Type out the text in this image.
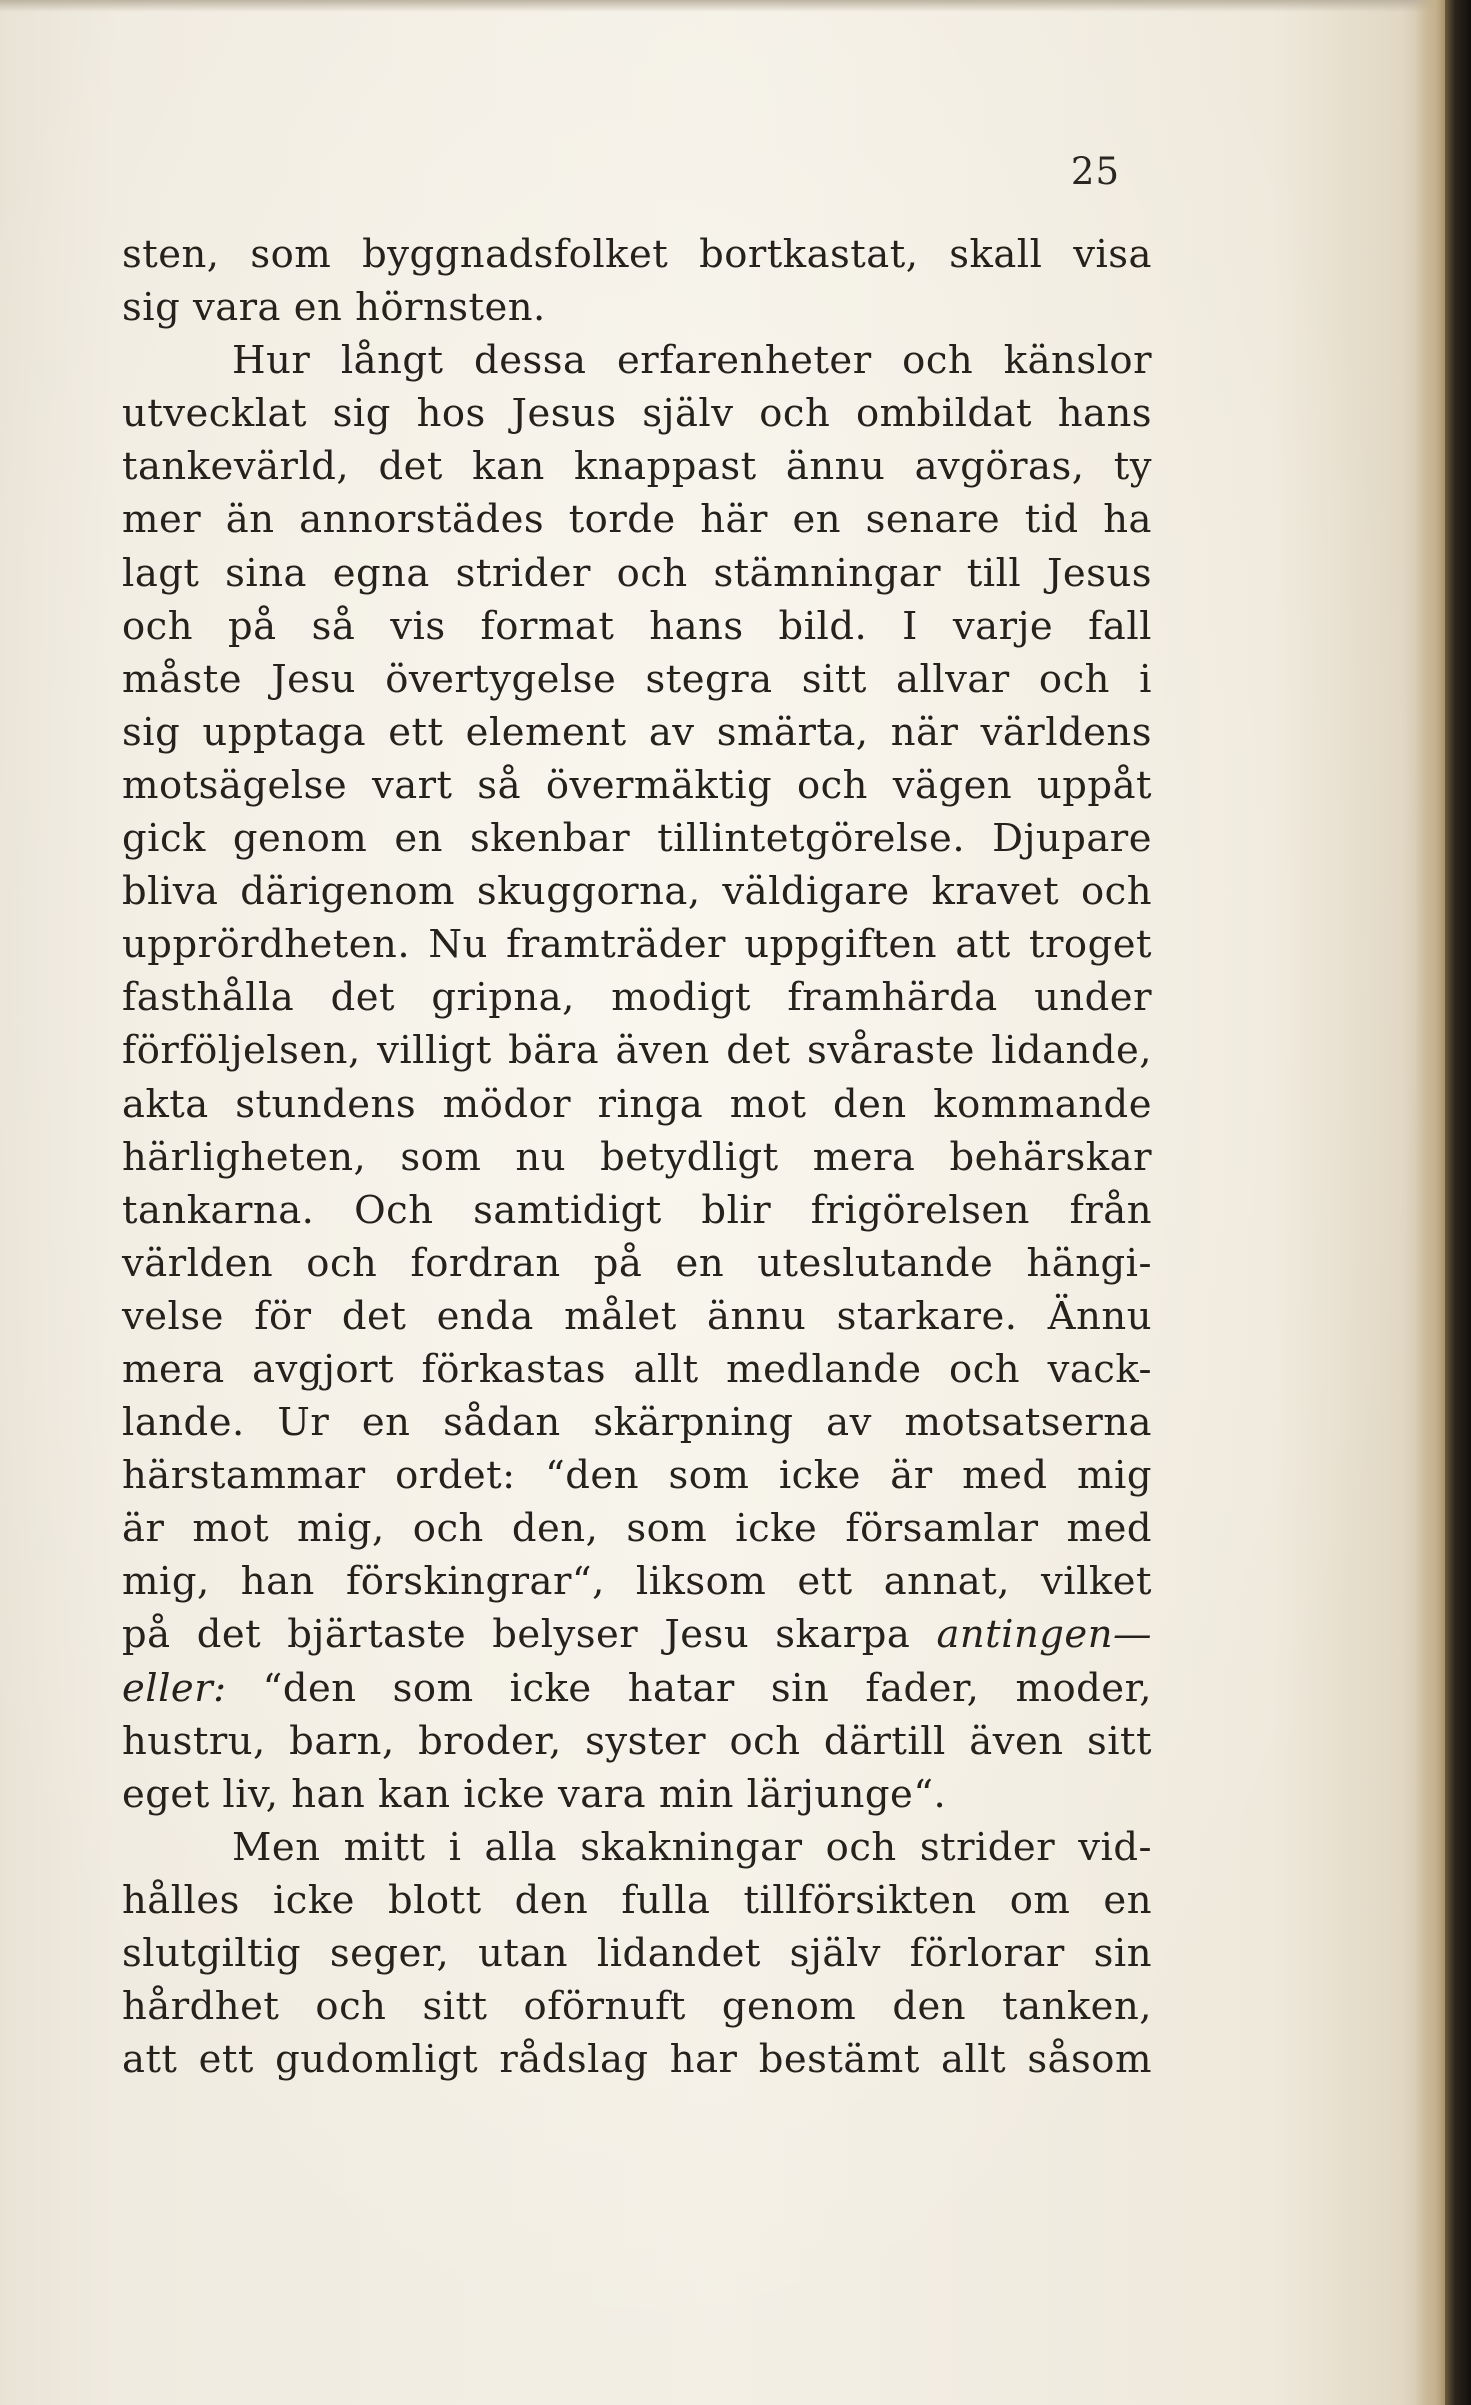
25
sten, som byggnadsfolket bortkastat, skall visa
sig vara en hörnsten.
Hur långt dessa erfarenheter och känslor
utvecklat sig hos Jesus själv och ombildat hans
tankevärld, det kan knappast ännu avgöras, ty
mer än annorstädes torde här en senare tid ha
lagt sina egna strider och stämningar till Jesus
och på så vis format hans bild. I varje fall
måste Jesu övertygelse stegra sitt allvar och i
sig upptaga ett element av smärta, när världens
motsägelse vart så övermäktig och vägen uppåt
gick genom en skenbar tillintetgörelse. Djupare
bliva därigenom skuggorna, väldigare kravet och
upprördheten. Nu framträder uppgiften att troget
fasthålla det gripna, modigt framhärda under
förföljelsen, villigt bära även det svåraste lidande,
akta stundens mödor ringa mot den kommande
härligheten, som nu betydligt mera behärskar
tankarna. Och samtidigt blir frigörelsen från
världen och fordran på en uteslutande hängi-
velse för det enda målet ännu starkare. Ännu
mera avgjort förkastas allt medlande och vack-
lande. Ur en sådan skärpning av motsatserna
härstammar ordet: “den som icke är med mig
är mot mig, och den, som icke församlar med
mig, han förskingrar“, liksom ett annat, vilket
på det bjärtaste belyser Jesu skarpa antingen—
eller: “den som icke hatar sin fader, moder,
hustru, barn, broder, syster och därtill även sitt
eget liv, han kan icke vara min lärjunge“.
Men mitt i alla skakningar och strider vid-
hålles icke blott den fulla tillförsikten om en
slutgiltig seger, utan lidandet själv förlorar sin
hårdhet och sitt oförnuft genom den tanken,
att ett gudomligt rådslag har bestämt allt såsom
